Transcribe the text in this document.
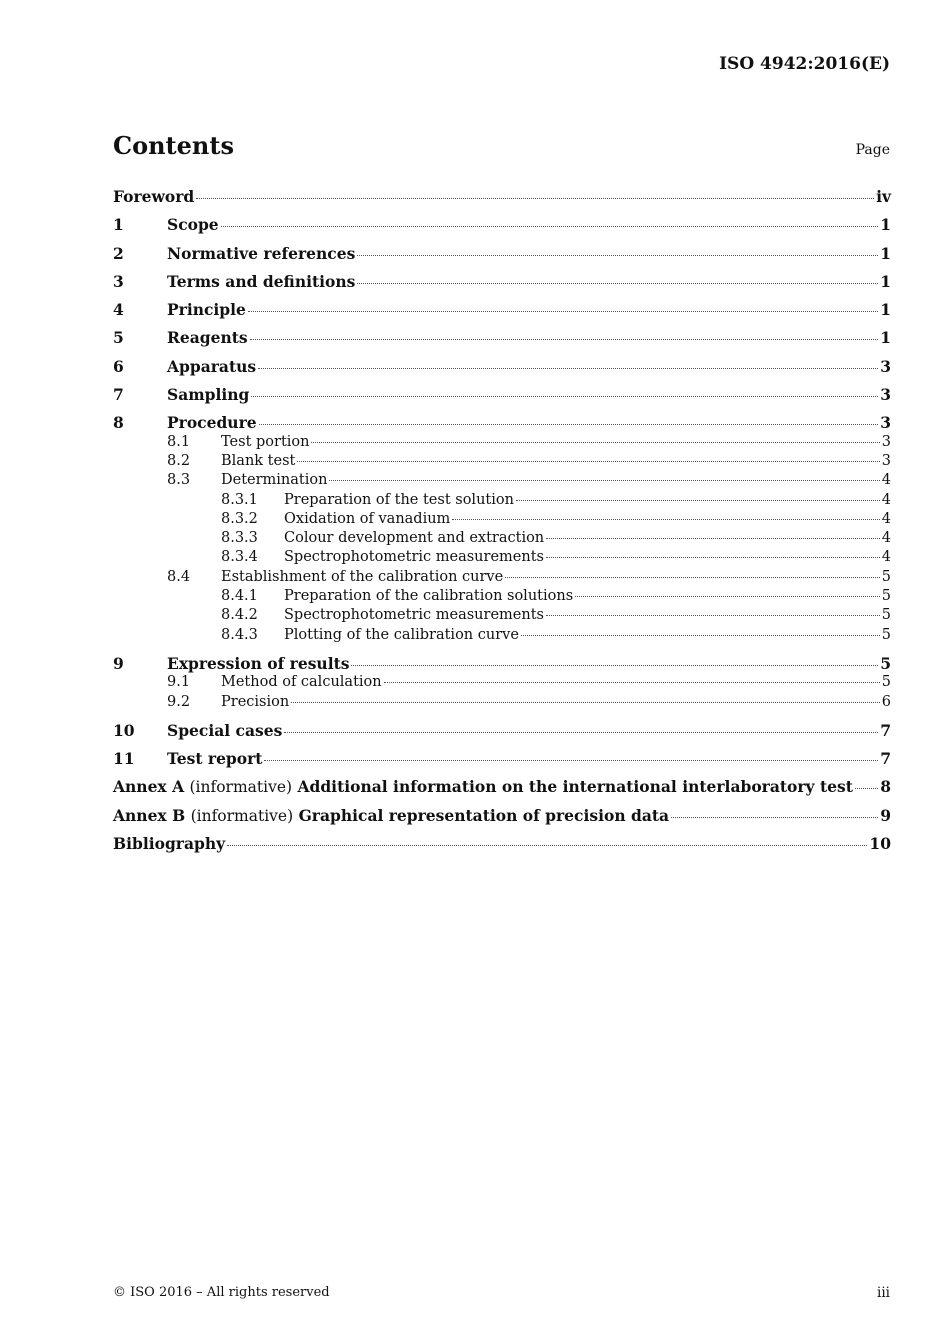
ISO 4942:2016(E)
Contents	Page
Foreword	iv
1	Scope	1
2	Normative references	1
3	Terms and definitions	1
4	Principle	1
5	Reagents	1
6	Apparatus	3
7	Sampling	3
8	Procedure	3
8.1	Test portion	3
8.2	Blank test	3
8.3	Determination	4
8.3.1	Preparation of the test solution	4
8.3.2	Oxidation of vanadium	4
8.3.3	Colour development and extraction	4
8.3.4	Spectrophotometric measurements	4
8.4	Establishment of the calibration curve	5
8.4.1	Preparation of the calibration solutions	5
8.4.2	Spectrophotometric measurements	5
8.4.3	Plotting of the calibration curve	5
9	Expression of results	5
9.1	Method of calculation	5
9.2	Precision	6
10	Special cases	7
11	Test report	7
Annex A (informative) Additional information on the international interlaboratory test 8
Annex B (informative) Graphical representation of precision data	9
Bibliography	10
© ISO 2016 – All rights reserved	iii
